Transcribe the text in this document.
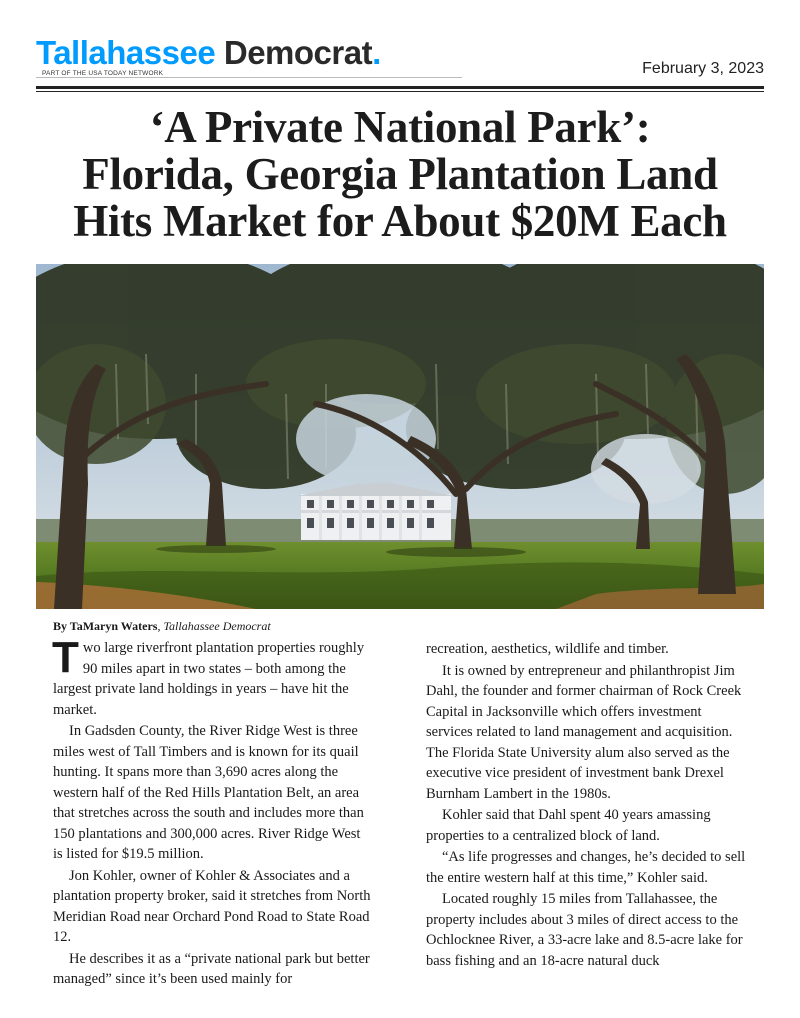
Tallahassee Democrat.
PART OF THE USA TODAY NETWORK	February 3, 2023
‘A Private National Park’:
Florida, Georgia Plantation Land
Hits Market for About $20M Each
By TaMaryn Waters, Tallahassee Democrat

Two large riverfront plantation properties roughly 90 miles apart in two states – both among the largest private land holdings in years – have hit the market.

In Gadsden County, the River Ridge West is three miles west of Tall Timbers and is known for its quail hunting. It spans more than 3,690 acres along the western half of the Red Hills Plantation Belt, an area that stretches across the south and includes more than 150 plantations and 300,000 acres. River Ridge West is listed for $19.5 million.

Jon Kohler, owner of Kohler & Associates and a plantation property broker, said it stretches from North Meridian Road near Orchard Pond Road to State Road 12.

He describes it as a “private national park but better managed” since it’s been used mainly for

recreation, aesthetics, wildlife and timber.

It is owned by entrepreneur and philanthropist Jim Dahl, the founder and former chairman of Rock Creek Capital in Jacksonville which offers investment services related to land management and acquisition. The Florida State University alum also served as the executive vice president of investment bank Drexel Burnham Lambert in the 1980s.

Kohler said that Dahl spent 40 years amassing properties to a centralized block of land.

“As life progresses and changes, he’s decided to sell the entire western half at this time,” Kohler said.

Located roughly 15 miles from Tallahassee, the property includes about 3 miles of direct access to the Ochlocknee River, a 33-acre lake and 8.5-acre lake for bass fishing and an 18-acre natural duck
